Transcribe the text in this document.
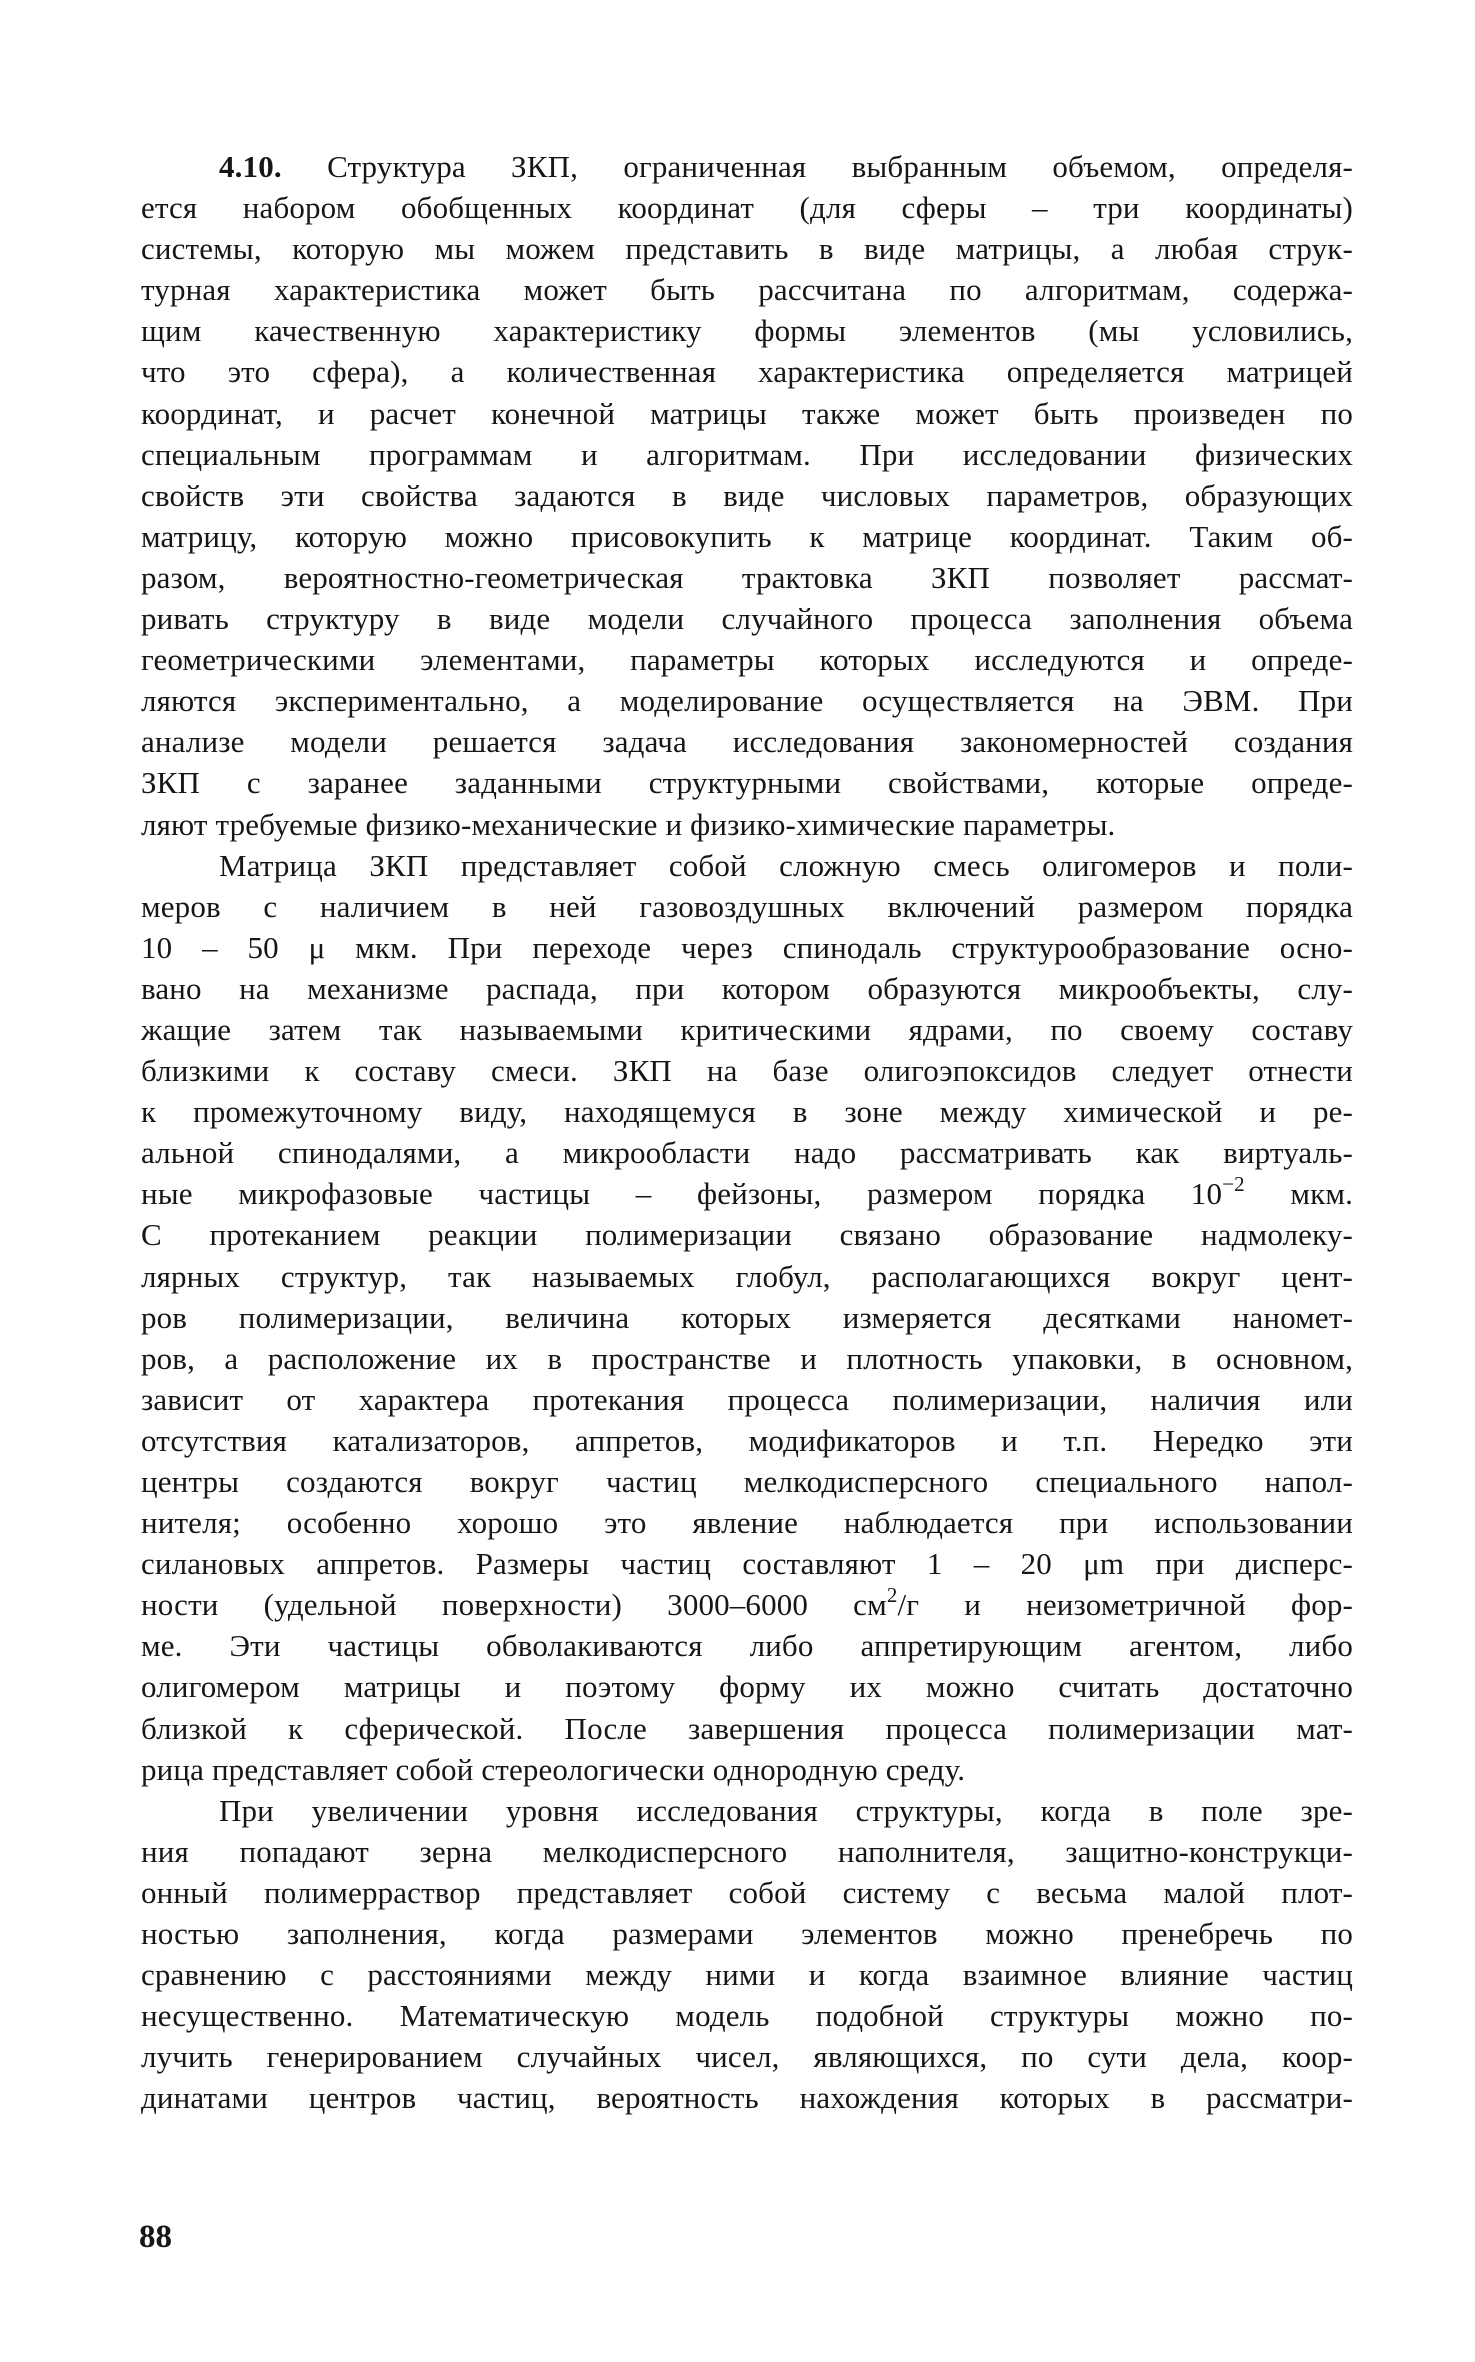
4.10. Структура ЗКП, ограниченная выбранным объемом, определя-
ется набором обобщенных координат (для сферы – три координаты)
системы, которую мы можем представить в виде матрицы, а любая струк-
турная характеристика может быть рассчитана по алгоритмам, содержа-
щим качественную характеристику формы элементов (мы условились,
что это сфера), а количественная характеристика определяется матрицей
координат, и расчет конечной матрицы также может быть произведен по
специальным программам и алгоритмам. При исследовании физических
свойств эти свойства задаются в виде числовых параметров, образующих
матрицу, которую можно присовокупить к матрице координат. Таким об-
разом, вероятностно-геометрическая трактовка ЗКП позволяет рассмат-
ривать структуру в виде модели случайного процесса заполнения объема
геометрическими элементами, параметры которых исследуются и опреде-
ляются экспериментально, а моделирование осуществляется на ЭВМ. При
анализе модели решается задача исследования закономерностей создания
ЗКП с заранее заданными структурными свойствами, которые опреде-
ляют требуемые физико-механические и физико-химические параметры.
Матрица ЗКП представляет собой сложную смесь олигомеров и поли-
меров с наличием в ней газовоздушных включений размером порядка
10 – 50 μ мкм. При переходе через спинодаль структурообразование осно-
вано на механизме распада, при котором образуются микрообъекты, слу-
жащие затем так называемыми критическими ядрами, по своему составу
близкими к составу смеси. ЗКП на базе олигоэпоксидов следует отнести
к промежуточному виду, находящемуся в зоне между химической и ре-
альной спинодалями, а микрообласти надо рассматривать как виртуаль-
ные микрофазовые частицы – фейзоны, размером порядка $10^{-2}$ мкм.
С протеканием реакции полимеризации связано образование надмолеку-
лярных структур, так называемых глобул, располагающихся вокруг цент-
ров полимеризации, величина которых измеряется десятками наномет-
ров, а расположение их в пространстве и плотность упаковки, в основном,
зависит от характера протекания процесса полимеризации, наличия или
отсутствия катализаторов, аппретов, модификаторов и т.п. Нередко эти
центры создаются вокруг частиц мелкодисперсного специального напол-
нителя; особенно хорошо это явление наблюдается при использовании
силановых аппретов. Размеры частиц составляют 1 – 20 μm при дисперс-
ности (удельной поверхности) 3000–6000 $см^2/г$ и неизометричной фор-
ме. Эти частицы обволакиваются либо аппретирующим агентом, либо
олигомером матрицы и поэтому форму их можно считать достаточно
близкой к сферической. После завершения процесса полимеризации мат-
рица представляет собой стереологически однородную среду.
При увеличении уровня исследования структуры, когда в поле зре-
ния попадают зерна мелкодисперсного наполнителя, защитно-конструкци-
онный полимерраствор представляет собой систему с весьма малой плот-
ностью заполнения, когда размерами элементов можно пренебречь по
сравнению с расстояниями между ними и когда взаимное влияние частиц
несущественно. Математическую модель подобной структуры можно по-
лучить генерированием случайных чисел, являющихся, по сути дела, коор-
динатами центров частиц, вероятность нахождения которых в рассматри-
88
